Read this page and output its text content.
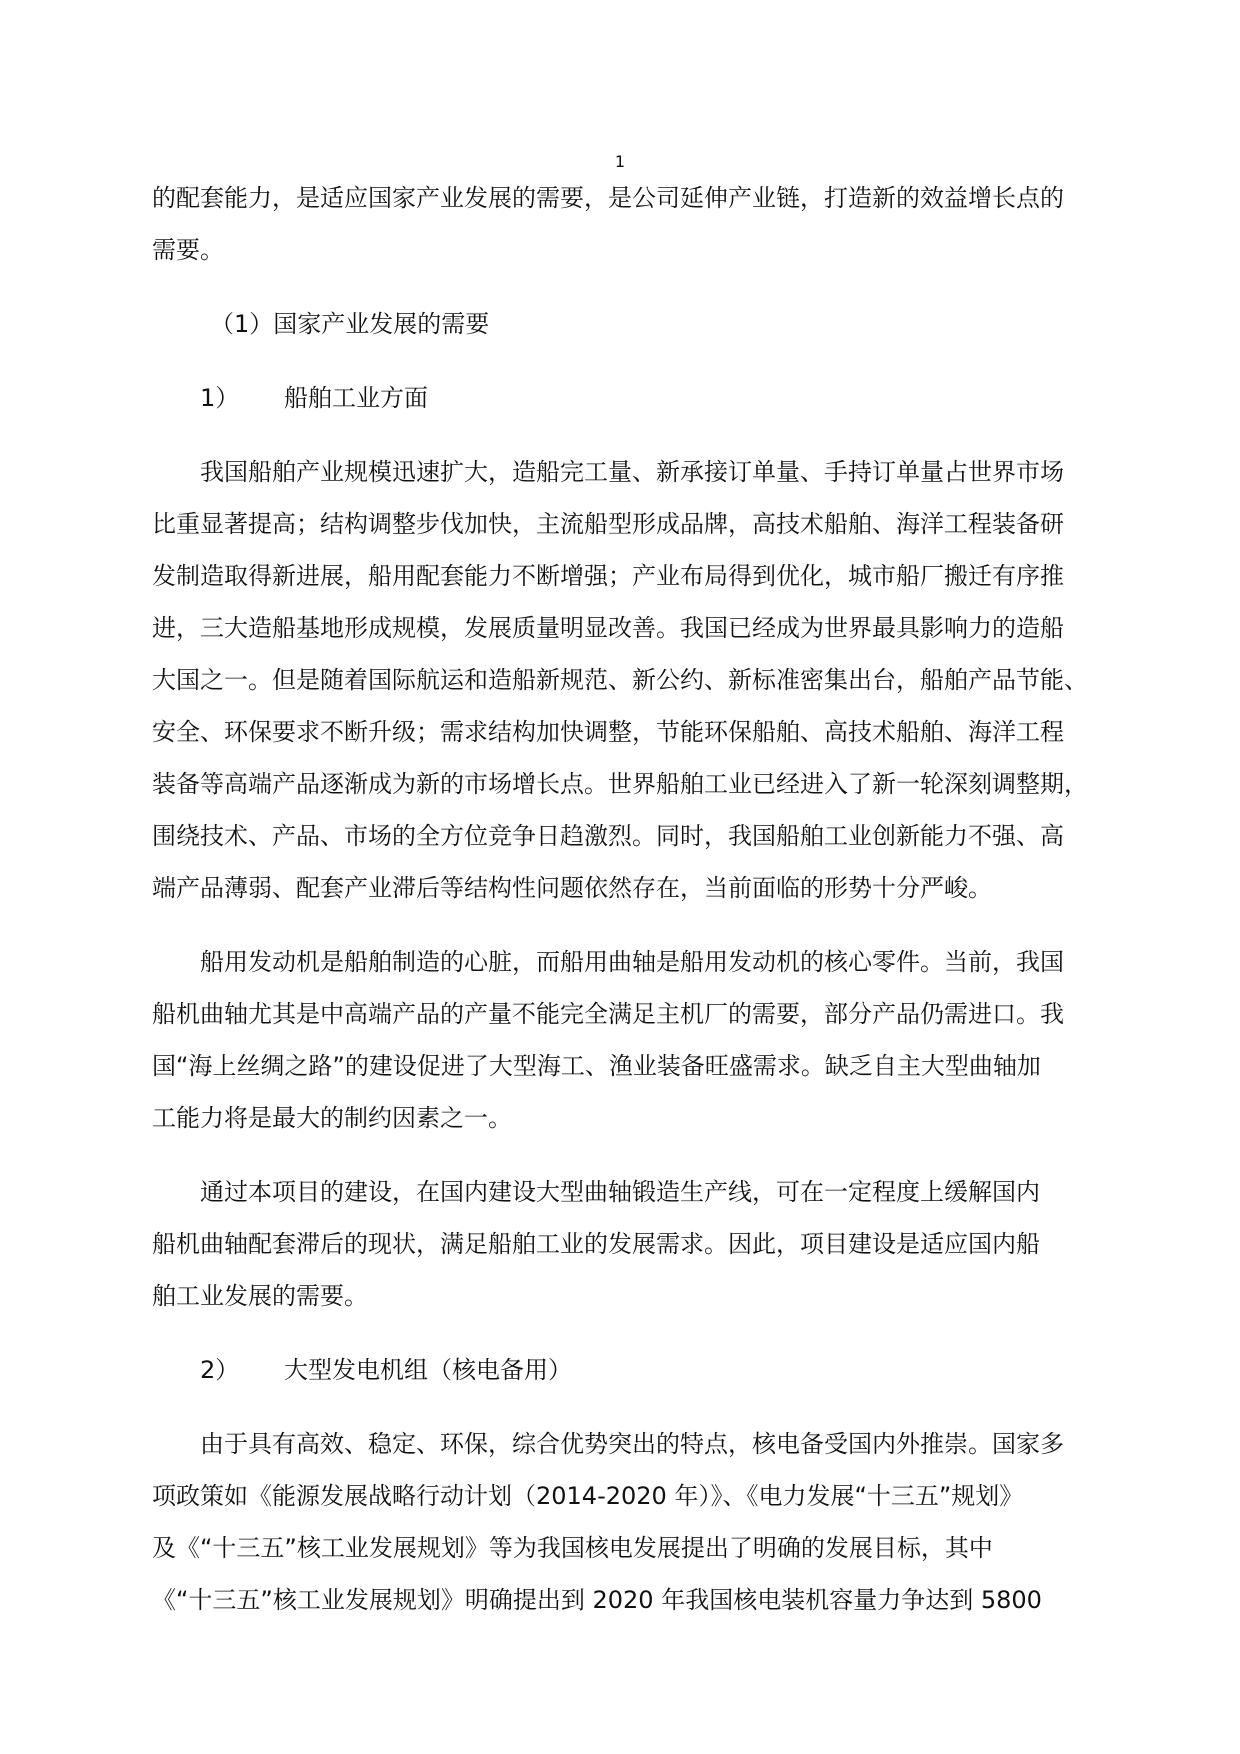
1

的配套能力，是适应国家产业发展的需要，是公司延伸产业链，打造新的效益增长点的
需要。

（1）国家产业发展的需要

1） 船舶工业方面

我国船舶产业规模迅速扩大，造船完工量、新承接订单量、手持订单量占世界市场
比重显著提高；结构调整步伐加快，主流船型形成品牌，高技术船舶、海洋工程装备研
发制造取得新进展，船用配套能力不断增强；产业布局得到优化，城市船厂搬迁有序推
进，三大造船基地形成规模，发展质量明显改善。我国已经成为世界最具影响力的造船
大国之一。但是随着国际航运和造船新规范、新公约、新标准密集出台，船舶产品节能、
安全、环保要求不断升级；需求结构加快调整，节能环保船舶、高技术船舶、海洋工程
装备等高端产品逐渐成为新的市场增长点。世界船舶工业已经进入了新一轮深刻调整期，
围绕技术、产品、市场的全方位竞争日趋激烈。同时，我国船舶工业创新能力不强、高
端产品薄弱、配套产业滞后等结构性问题依然存在，当前面临的形势十分严峻。

船用发动机是船舶制造的心脏，而船用曲轴是船用发动机的核心零件。当前，我国
船机曲轴尤其是中高端产品的产量不能完全满足主机厂的需要，部分产品仍需进口。我
国“海上丝绸之路”的建设促进了大型海工、渔业装备旺盛需求。缺乏自主大型曲轴加
工能力将是最大的制约因素之一。

通过本项目的建设，在国内建设大型曲轴锻造生产线，可在一定程度上缓解国内
船机曲轴配套滞后的现状，满足船舶工业的发展需求。因此，项目建设是适应国内船
舶工业发展的需要。

2） 大型发电机组（核电备用）

由于具有高效、稳定、环保，综合优势突出的特点，核电备受国内外推崇。国家多
项政策如《能源发展战略行动计划（2014-2020 年）》、《电力发展“十三五”规划》
及《“十三五”核工业发展规划》等为我国核电发展提出了明确的发展目标，其中
《“十三五”核工业发展规划》明确提出到 2020 年我国核电装机容量力争达到 5800
